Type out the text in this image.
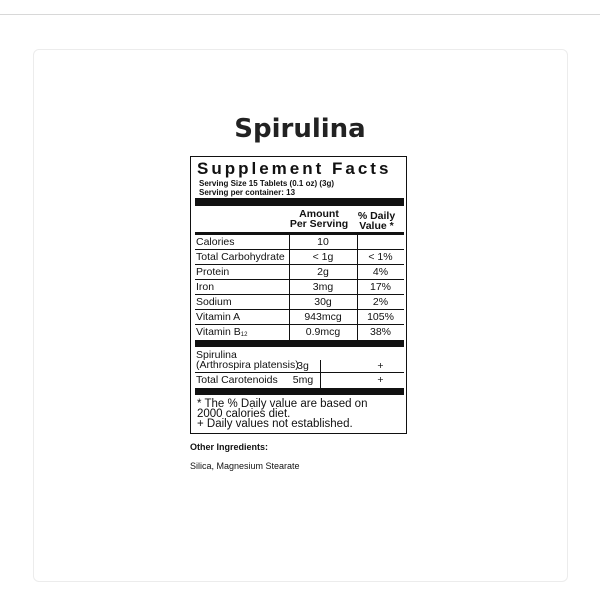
Spirulina
Supplement Facts
Serving Size 15 Tablets (0.1 oz) (3g)
Serving per container: 13
Amount
Per Serving
% Daily
Value *
Calories	10
Total Carbohydrate	< 1g	< 1%
Protein	2g	4%
Iron	3mg	17%
Sodium	30g	2%
Vitamin A	943mcg	105%
Vitamin B12	0.9mcg	38%
Spirulina
(Arthrospira platensis)
3g	+
Total Carotenoids	5mg	+
* The % Daily value are based on
2000 calories diet.
+ Daily values not established.
Other Ingredients:
Silica, Magnesium Stearate
